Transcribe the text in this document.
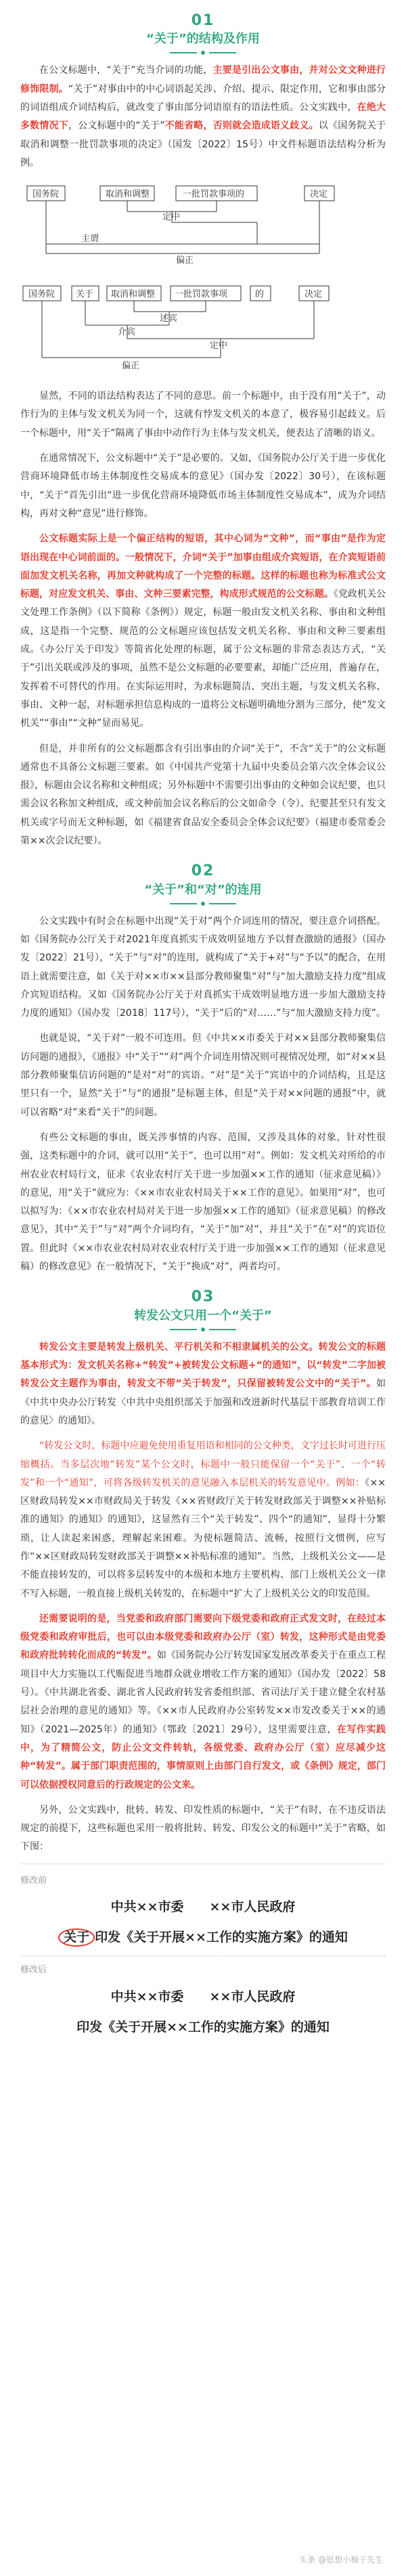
01
“关于”的结构及作用

在公文标题中，“关于”充当介词的功能，主要是引出公文事由，并对公文文种进行修饰限制。“关于”对事由中的中心词语起关涉、介绍、提示、限定作用，它和事由部分的词语组成介词结构后，就改变了事由部分词语原有的语法性质。公文实践中，在绝大多数情况下，公文标题中的“关于”不能省略，否则就会造成语义歧义。以《国务院关于取消和调整一批罚款事项的决定》（国发〔2022〕15号）中文件标题语法结构分析为例。

国务院	取消和调整	一批罚款事项的	决定
定中
主谓
偏正
国务院 关于 取消和调整 一批罚款事项	的	决定
述宾
介宾
定中
偏正

显然，不同的语法结构表达了不同的意思。前一个标题中，由于没有用“关于”，动作行为的主体与发文机关为同一个，这就有悖发文机关的本意了，极容易引起歧义。后一个标题中，用“关于”隔离了事由中动作行为主体与发文机关，便表达了清晰的语义。

在通常情况下，公文标题中“关于”是必要的。又如，《国务院办公厅关于进一步优化营商环境降低市场主体制度性交易成本的意见》（国办发〔2022〕30号），在该标题中，“关于”首先引出“进一步优化营商环境降低市场主体制度性交易成本”，成为介词结构，再对文种“意见”进行修饰。

公文标题实际上是一个偏正结构的短语，其中心词为“文种”，而“事由”是作为定语出现在中心词前面的。一般情况下，介词“关于”加事由组成介宾短语，在介宾短语前面加发文机关名称，再加文种就构成了一个完整的标题。这样的标题也称为标准式公文标题，对应发文机关、事由、文种三要素完整，构成形式规范的公文标题。《党政机关公文处理工作条例》（以下简称《条例》）规定，标题一般由发文机关名称、事由和文种组成，这是指一个完整、规范的公文标题应该包括发文机关名称、事由和文种三要素组成。《办公厅关于印发》等简省化处理的标题，属于公文标题的非常态表达方式，“关于”引出关联或涉及的事项，虽然不是公文标题的必要要素，却能广泛应用，普遍存在，发挥着不可替代的作用。在实际运用时，为求标题简洁、突出主题，与发文机关名称、事由、文种一起，对标题承担信息构成的一道将公文标题明确地分割为三部分，使“发文机关”“事由”“文种”显而易见。

但是，并非所有的公文标题都含有引出事由的介词“关于”，不含“关于”的公文标题通常也不具备公文标题三要素。如《中国共产党第十九届中央委员会第六次全体会议公报》，标题由会议名称和文种组成；另外标题中不需要引出事由的文种如会议纪要，也只需会议名称加文种组成，或文种前加会议名称后的公文如命令（令）、纪要甚至只有发文机关或字号而无文种标题，如《福建省食品安全委员会全体会议纪要》（福建市委常委会第××次会议纪要）。

02
“关于”和“对”的连用

公文实践中有时会在标题中出现“关于对”两个介词连用的情况，要注意介词搭配。如《国务院办公厅关于对2021年度真抓实干成效明显地方予以督查激励的通报》（国办发〔2022〕21号），“关于”与“对”的连用，就构成了“关于+对”与“予以”的配合，在用语上就需要注意，如《关于对××市××县部分教师聚集“对”与“加大激励支持力度”组成介宾短语结构。又如《国务院办公厅关于对真抓实干成效明显地方进一步加大激励支持力度的通知》（国办发〔2018〕117号），“关于”后的“对……”与“加大激励支持力度”。

也就是说，“关于对”一般不可连用。但《中共××市委关于对××县部分教师聚集信访问题的通报》，《通报》中“关于”“对”两个介词连用情况则可视情况处理，如“对××县部分教师聚集信访问题的”是对“对”的宾语。“对”是“关于”宾语中的介词结构，且是这里只有一个，显然“关于”与“的通报”是标题主体，但是“关于对××问题的通报”中，就可以省略“对”来看“关于”的问题。

有些公文标题的事由，既关涉事情的内容、范围，又涉及具体的对象，针对性很强，这类标题中的介词，就可以用“关于”，也可以用“对”。例如：发文机关对所给的市州农业农村局行文，征求《农业农村厅关于进一步加强××工作的通知（征求意见稿）》的意见，用“关于”就应为：《××市农业农村局关于××工作的意见》。如果用“对”，也可以拟写为：《××市农业农村局对关于进一步加强××工作的通知》（征求意见稿）的修改意见》，其中“关于”与“对”两个介词均有，“关于”加“对”，并且“关于”在“对”的宾语位置。但此时《××市农业农村局对农业农村厅关于进一步加强××工作的通知（征求意见稿）的修改意见》在一般情况下，“关于”换成“对”，两者均可。

03
转发公文只用一个“关于”

转发公文主要是转发上级机关、平行机关和不相隶属机关的公文。转发公文的标题基本形式为：发文机关名称+“转发”+被转发公文标题+“的通知”，以“转发”二字加被转发公文主题作为事由，转发文不带“关于转发”，只保留被转发公文中的“关于”。如《中共中央办公厅转发〈中共中央组织部关于加强和改进新时代基层干部教育培训工作的意见〉的通知》。

“转发公文时，标题中应避免使用重复用语和相同的公文种类，文字过长时可进行压缩概括。当多层次地“转发”某个公文时，标题中一般只能保留一个“关于”、一个“转发”和一个“通知”，可将各级转发机关的意见融入本层机关的转发意见中。例如：《××区财政局转发××市财政局关于转发《××省财政厅关于转发财政部关于调整××补贴标准的通知》的通知》的通知》，这显然有三个“关于转发”、四个“的通知”，显得十分繁琐，让人读起来困惑，理解起来困难。为使标题简洁、流畅，按照行文惯例，应写作“××区财政局转发财政部关于调整××补贴标准的通知”。当然，上级机关公文——是不能直接转发的，可以将多层转发中的本级和本地方主要机构、部门上级机关公文一律不写入标题，一般直接上级机关转发的，在标题中“扩大了上级机关公文的印发范围。

还需要说明的是，当党委和政府部门需要向下级党委和政府正式发文时，在经过本级党委和政府审批后，也可以由本级党委和政府办公厅（室）转发，这种形式是由党委和政府批转转化而成的“转发”。如《国务院办公厅转发国家发展改革委关于在重点工程项目中大力实施以工代赈促进当地群众就业增收工作方案的通知》（国办发〔2022〕58号）。《中共湖北省委、湖北省人民政府转发省委组织部、省司法厅关于建立健全农村基层社会治理的意见的通知》等。《××市人民政府办公室转发××市发改委关于××的通知》（2021—2025年）的通知》（鄂政〔2021〕29号），这里需要注意，在写作实践中，为了精简公文，防止公文文件转轨，各级党委、政府办公厅（室）应尽减少这种“转发”。属于部门职责范围的，事情原则上由部门自行发文，或《条例》规定，部门可以依据授权同意后的行政规定的公文来。

另外，公文实践中，批转、转发、印发性质的标题中，“关于”有时，在不违反语法规定的前提下，这些标题也采用一般将批转、转发、印发公文的标题中“关于”省略，如下图：

修改前
中共××市委　　××市人民政府
关于 印发《关于开展××工作的实施方案》的通知
修改后
中共××市委　　××市人民政府
印发《关于开展××工作的实施方案》的通知
头条 @思想小柚子先生
